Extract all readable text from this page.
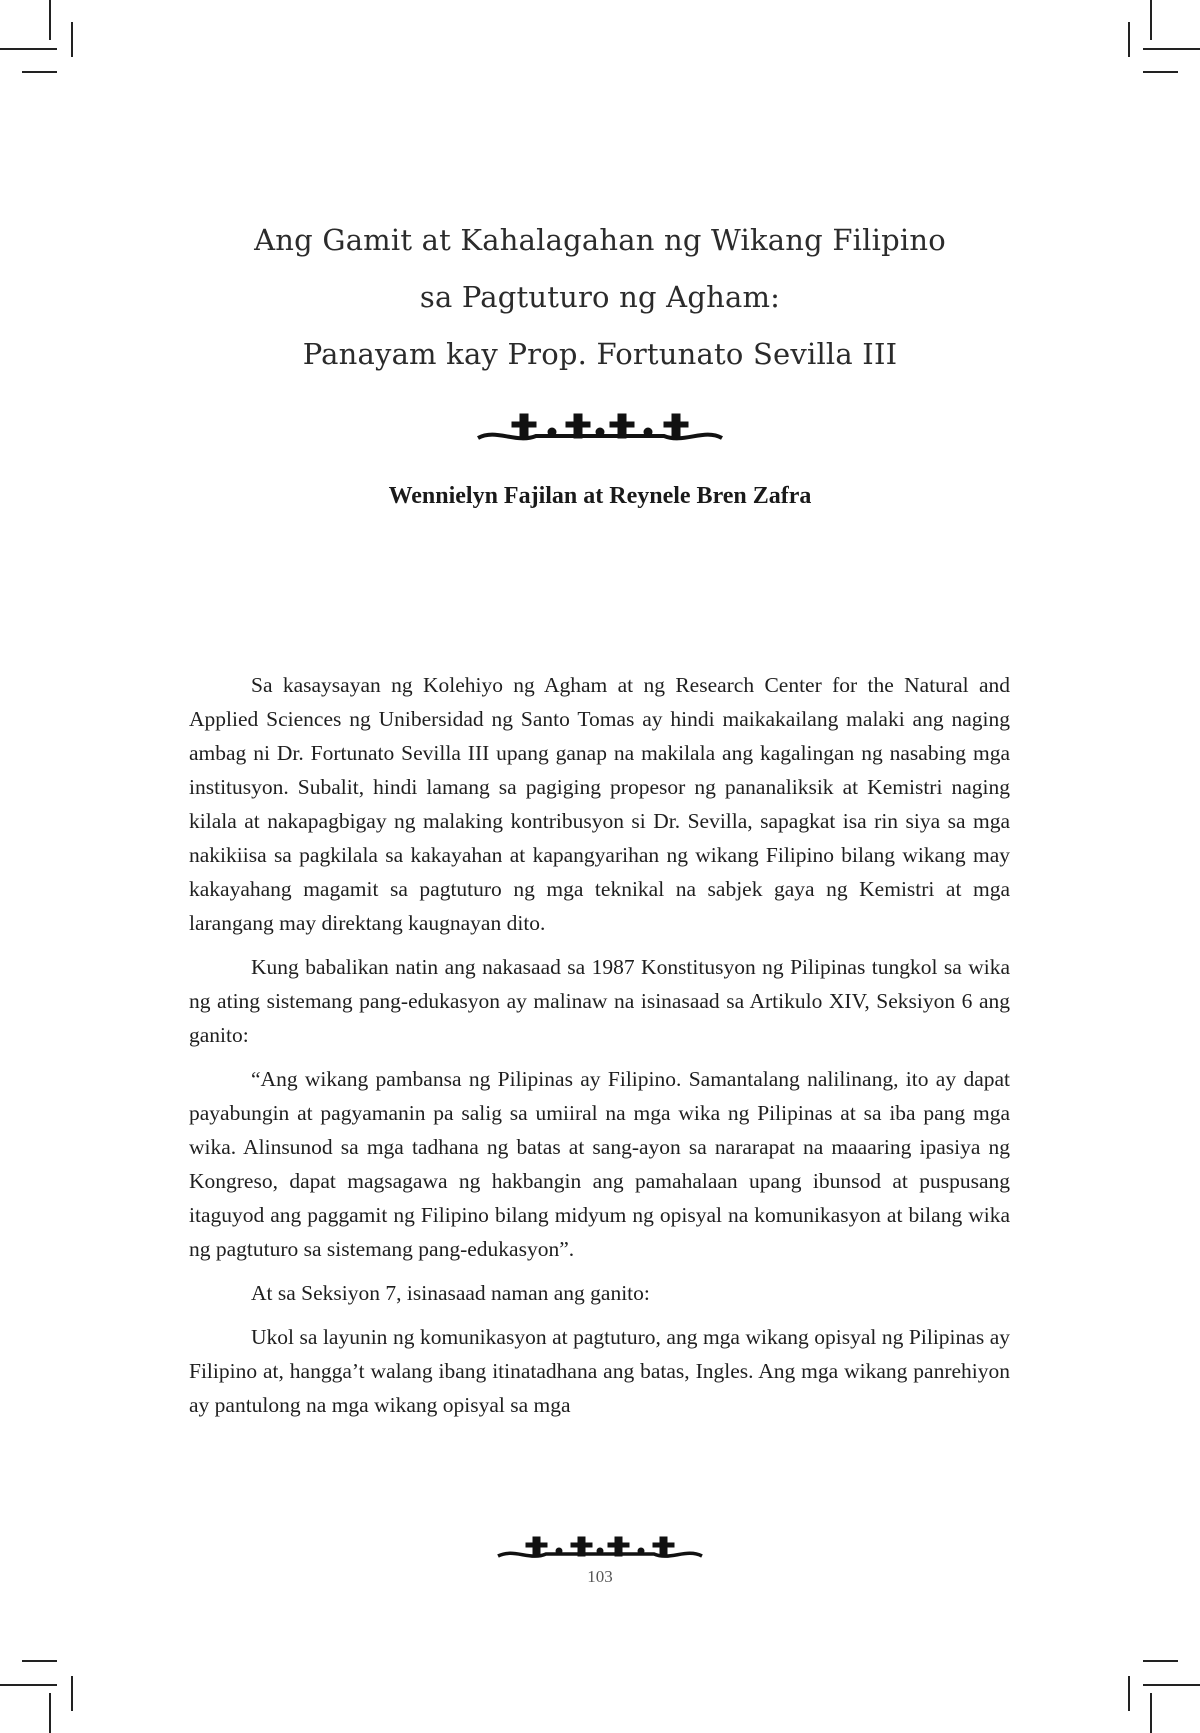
Ang Gamit at Kahalagahan ng Wikang Filipino
sa Pagtuturo ng Agham:
Panayam kay Prop. Fortunato Sevilla III
Wennielyn Fajilan at Reynele Bren Zafra

Sa kasaysayan ng Kolehiyo ng Agham at ng Research Center for the Natural and Applied Sciences ng Unibersidad ng Santo Tomas ay hindi maikakailang malaki ang naging ambag ni Dr. Fortunato Sevilla III upang ganap na makilala ang kagalingan ng nasabing mga institusyon. Subalit, hindi lamang sa pagiging propesor ng pananaliksik at Kemistri naging kilala at nakapagbigay ng malaking kontribusyon si Dr. Sevilla, sapagkat isa rin siya sa mga nakikiisa sa pagkilala sa kakayahan at kapangyarihan ng wikang Filipino bilang wikang may kakayahang magamit sa pagtuturo ng mga teknikal na sabjek gaya ng Kemistri at mga larangang may direktang kaugnayan dito.

Kung babalikan natin ang nakasaad sa 1987 Konstitusyon ng Pilipinas tungkol sa wika ng ating sistemang pang-edukasyon ay malinaw na isinasaad sa Artikulo XIV, Seksiyon 6 ang ganito:

“Ang wikang pambansa ng Pilipinas ay Filipino. Samantalang nalilinang, ito ay dapat payabungin at pagyamanin pa salig sa umiiral na mga wika ng Pilipinas at sa iba pang mga wika. Alinsunod sa mga tadhana ng batas at sang-ayon sa nararapat na maaaring ipasiya ng Kongreso, dapat magsagawa ng hakbangin ang pamahalaan upang ibunsod at puspusang itaguyod ang paggamit ng Filipino bilang midyum ng opisyal na komunikasyon at bilang wika ng pagtuturo sa sistemang pang-edukasyon”.

At sa Seksiyon 7, isinasaad naman ang ganito:

Ukol sa layunin ng komunikasyon at pagtuturo, ang mga wikang opisyal ng Pilipinas ay Filipino at, hangga’t walang ibang itinatadhana ang batas, Ingles. Ang mga wikang panrehiyon ay pantulong na mga wikang opisyal sa mga

103
